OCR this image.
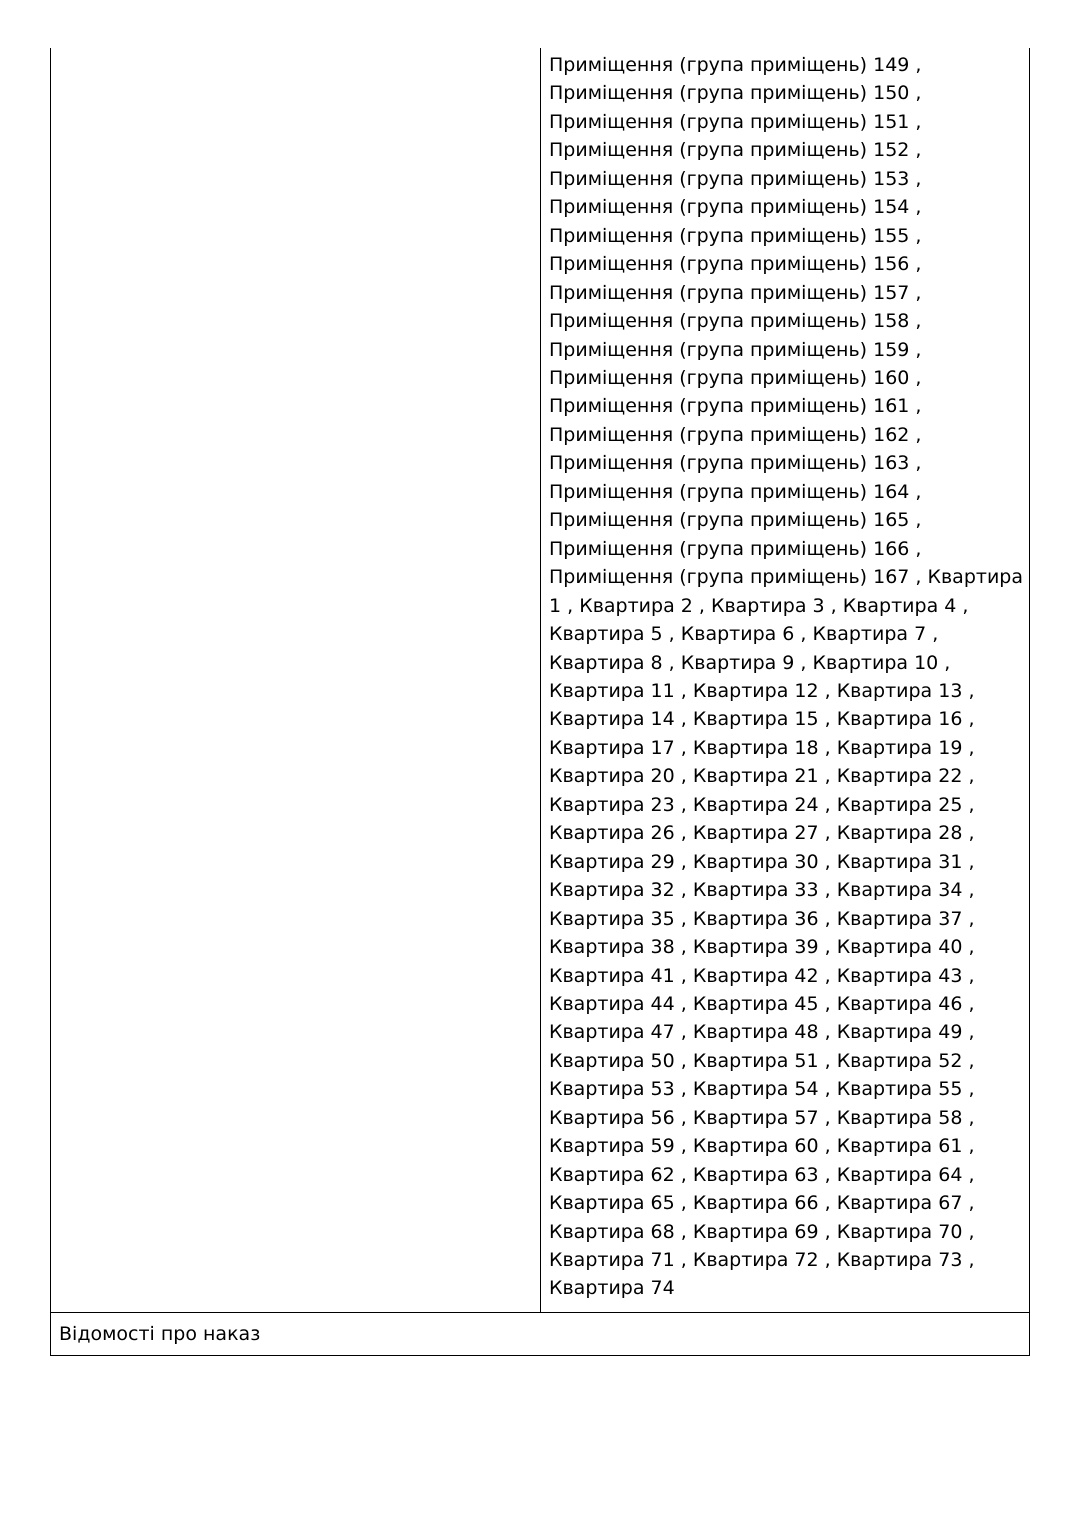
Приміщення (група приміщень) 149 ,
Приміщення (група приміщень) 150 ,
Приміщення (група приміщень) 151 ,
Приміщення (група приміщень) 152 ,
Приміщення (група приміщень) 153 ,
Приміщення (група приміщень) 154 ,
Приміщення (група приміщень) 155 ,
Приміщення (група приміщень) 156 ,
Приміщення (група приміщень) 157 ,
Приміщення (група приміщень) 158 ,
Приміщення (група приміщень) 159 ,
Приміщення (група приміщень) 160 ,
Приміщення (група приміщень) 161 ,
Приміщення (група приміщень) 162 ,
Приміщення (група приміщень) 163 ,
Приміщення (група приміщень) 164 ,
Приміщення (група приміщень) 165 ,
Приміщення (група приміщень) 166 ,
Приміщення (група приміщень) 167 , Квартира
1 , Квартира 2 , Квартира 3 , Квартира 4 ,
Квартира 5 , Квартира 6 , Квартира 7 ,
Квартира 8 , Квартира 9 , Квартира 10 ,
Квартира 11 , Квартира 12 , Квартира 13 ,
Квартира 14 , Квартира 15 , Квартира 16 ,
Квартира 17 , Квартира 18 , Квартира 19 ,
Квартира 20 , Квартира 21 , Квартира 22 ,
Квартира 23 , Квартира 24 , Квартира 25 ,
Квартира 26 , Квартира 27 , Квартира 28 ,
Квартира 29 , Квартира 30 , Квартира 31 ,
Квартира 32 , Квартира 33 , Квартира 34 ,
Квартира 35 , Квартира 36 , Квартира 37 ,
Квартира 38 , Квартира 39 , Квартира 40 ,
Квартира 41 , Квартира 42 , Квартира 43 ,
Квартира 44 , Квартира 45 , Квартира 46 ,
Квартира 47 , Квартира 48 , Квартира 49 ,
Квартира 50 , Квартира 51 , Квартира 52 ,
Квартира 53 , Квартира 54 , Квартира 55 ,
Квартира 56 , Квартира 57 , Квартира 58 ,
Квартира 59 , Квартира 60 , Квартира 61 ,
Квартира 62 , Квартира 63 , Квартира 64 ,
Квартира 65 , Квартира 66 , Квартира 67 ,
Квартира 68 , Квартира 69 , Квартира 70 ,
Квартира 71 , Квартира 72 , Квартира 73 ,
Квартира 74
Відомості про наказ
